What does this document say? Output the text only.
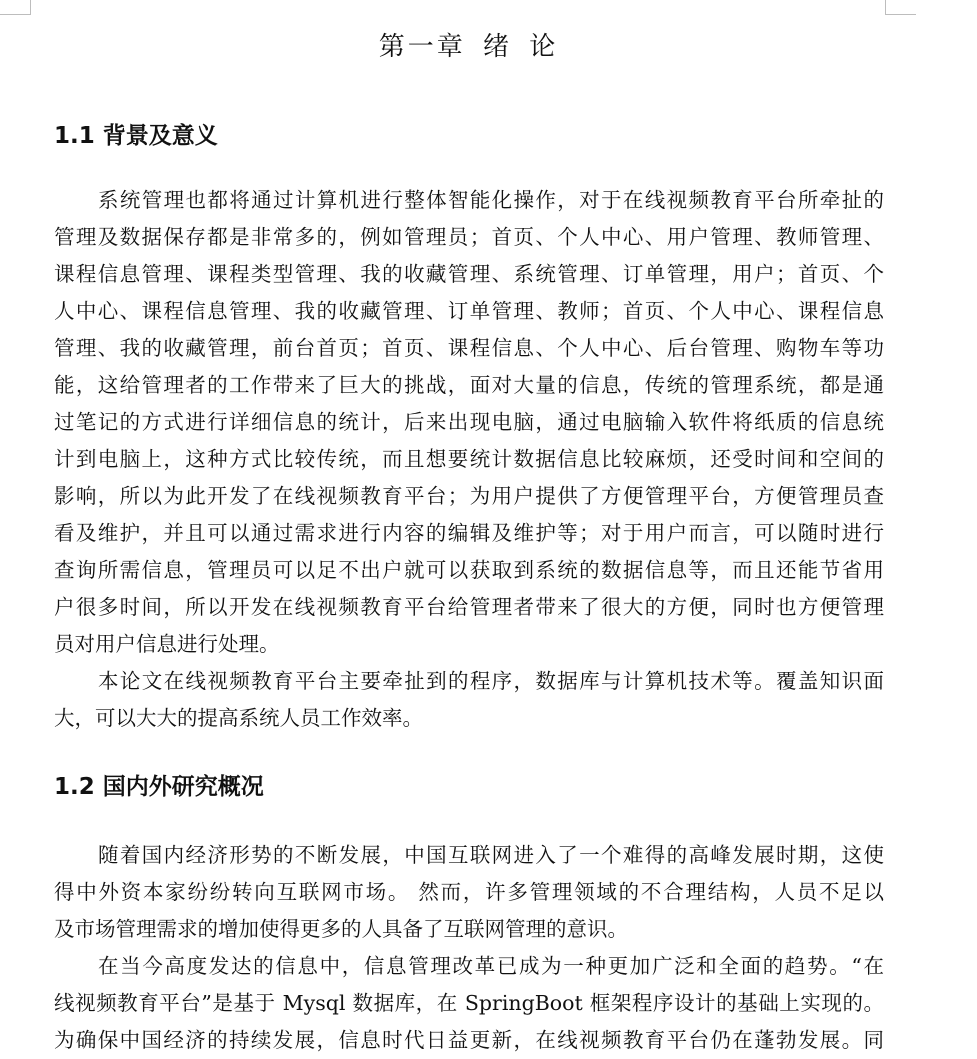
第一章 绪 论
1.1 背景及意义
系统管理也都将通过计算机进行整体智能化操作，对于在线视频教育平台所牵扯的
管理及数据保存都是非常多的，例如管理员；首页、个人中心、用户管理、教师管理、
课程信息管理、课程类型管理、我的收藏管理、系统管理、订单管理，用户；首页、个
人中心、课程信息管理、我的收藏管理、订单管理、教师；首页、个人中心、课程信息
管理、我的收藏管理，前台首页；首页、课程信息、个人中心、后台管理、购物车等功
能，这给管理者的工作带来了巨大的挑战，面对大量的信息，传统的管理系统，都是通
过笔记的方式进行详细信息的统计，后来出现电脑，通过电脑输入软件将纸质的信息统
计到电脑上，这种方式比较传统，而且想要统计数据信息比较麻烦，还受时间和空间的
影响，所以为此开发了在线视频教育平台；为用户提供了方便管理平台，方便管理员查
看及维护，并且可以通过需求进行内容的编辑及维护等；对于用户而言，可以随时进行
查询所需信息，管理员可以足不出户就可以获取到系统的数据信息等，而且还能节省用
户很多时间，所以开发在线视频教育平台给管理者带来了很大的方便，同时也方便管理
员对用户信息进行处理。
本论文在线视频教育平台主要牵扯到的程序，数据库与计算机技术等。覆盖知识面
大，可以大大的提高系统人员工作效率。
1.2 国内外研究概况
随着国内经济形势的不断发展，中国互联网进入了一个难得的高峰发展时期，这使
得中外资本家纷纷转向互联网市场。 然而，许多管理领域的不合理结构，人员不足以
及市场管理需求的增加使得更多的人具备了互联网管理的意识。
在当今高度发达的信息中，信息管理改革已成为一种更加广泛和全面的趋势。“在
线视频教育平台”是基于 Mysql 数据库，在 SpringBoot 框架程序设计的基础上实现的。
为确保中国经济的持续发展，信息时代日益更新，在线视频教育平台仍在蓬勃发展。同
